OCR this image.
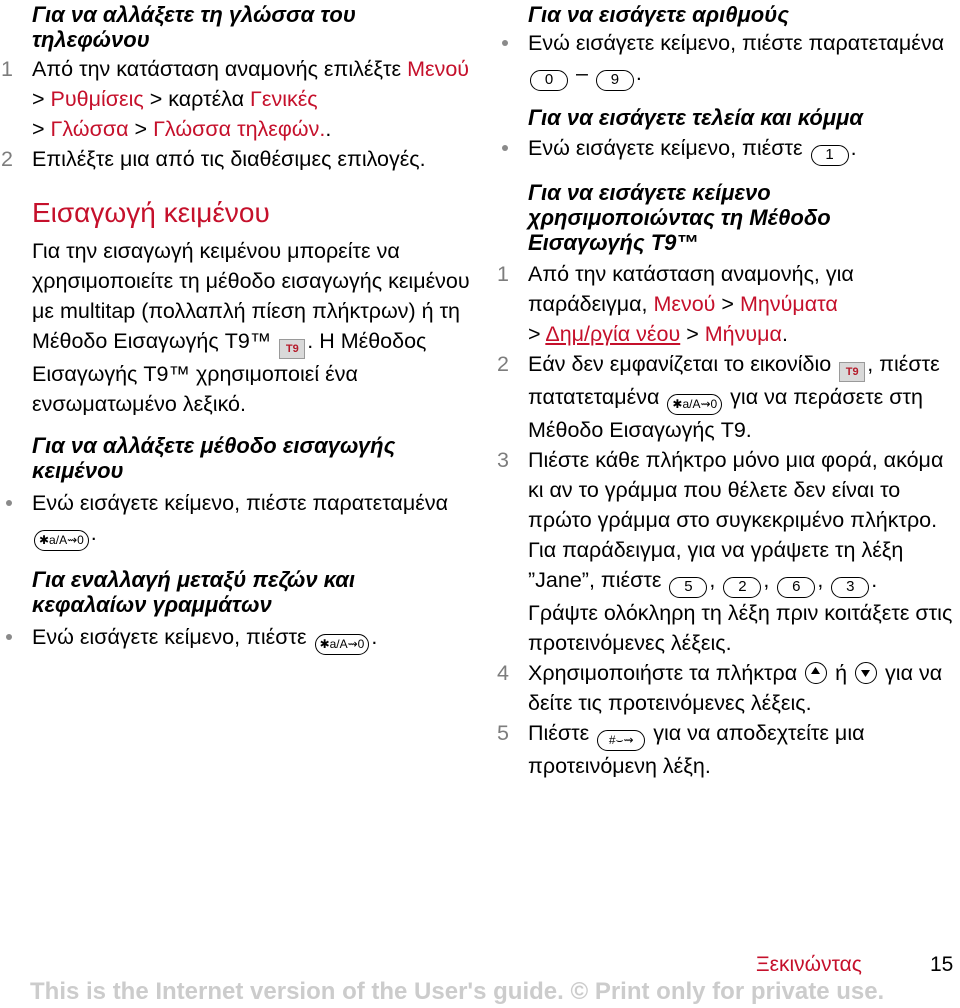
Για να αλλάξετε τη γλώσσα του τηλεφώνου

1 Από την κατάσταση αναμονής επιλέξτε Μενού > Ρυθμίσεις > καρτέλα Γενικές
> Γλώσσα > Γλώσσα τηλεφών..

2 Επιλέξτε μια από τις διαθέσιμες επιλογές.

Εισαγωγή κειμένου

Για την εισαγωγή κειμένου μπορείτε να χρησιμοποιείτε τη μέθοδο εισαγωγής κειμένου με multitap (πολλαπλή πίεση πλήκτρων) ή τη Μέθοδο Εισαγωγής T9™ T9 . Η Μέθοδος Εισαγωγής T9™ χρησιμοποιεί ένα ενσωματωμένο λεξικό.

Για να αλλάξετε μέθοδο εισαγωγής κειμένου

Ενώ εισάγετε κείμενο, πιέστε παρατεταμένα ✱a/A⇝0 .

Για εναλλαγή μεταξύ πεζών και κεφαλαίων γραμμάτων

Ενώ εισάγετε κείμενο, πιέστε ✱a/A⇝0 .

Για να εισάγετε αριθμούς

Ενώ εισάγετε κείμενο, πιέστε παρατεταμένα 0 – 9 .

Για να εισάγετε τελεία και κόμμα

Ενώ εισάγετε κείμενο, πιέστε 1 .

Για να εισάγετε κείμενο χρησιμοποιώντας τη Μέθοδο Εισαγωγής T9™

1 Από την κατάσταση αναμονής, για παράδειγμα, Μενού > Μηνύματα
> Δημ/ργία νέου > Μήνυμα.

2 Εάν δεν εμφανίζεται το εικονίδιο T9 , πιέστε πατατεταμένα ✱a/A⇝0 για να περάσετε στη Μέθοδο Εισαγωγής T9.

3 Πιέστε κάθε πλήκτρο μόνο μια φορά, ακόμα κι αν το γράμμα που θέλετε δεν είναι το πρώτο γράμμα στο συγκεκριμένο πλήκτρο. Για παράδειγμα, για να γράψετε τη λέξη ”Jane”, πιέστε 5 , 2 , 6 , 3 . Γράψτε ολόκληρη τη λέξη πριν κοιτάξετε στις προτεινόμενες λέξεις.

4 Χρησιμοποιήστε τα πλήκτρα
ή
για να δείτε τις προτεινόμενες λέξεις.

5 Πιέστε #⌣⇝ για να αποδεχτείτε μια προτεινόμενη λέξη.

Ξεκινώντας	15
This is the Internet version of the User's guide. © Print only for private use.
